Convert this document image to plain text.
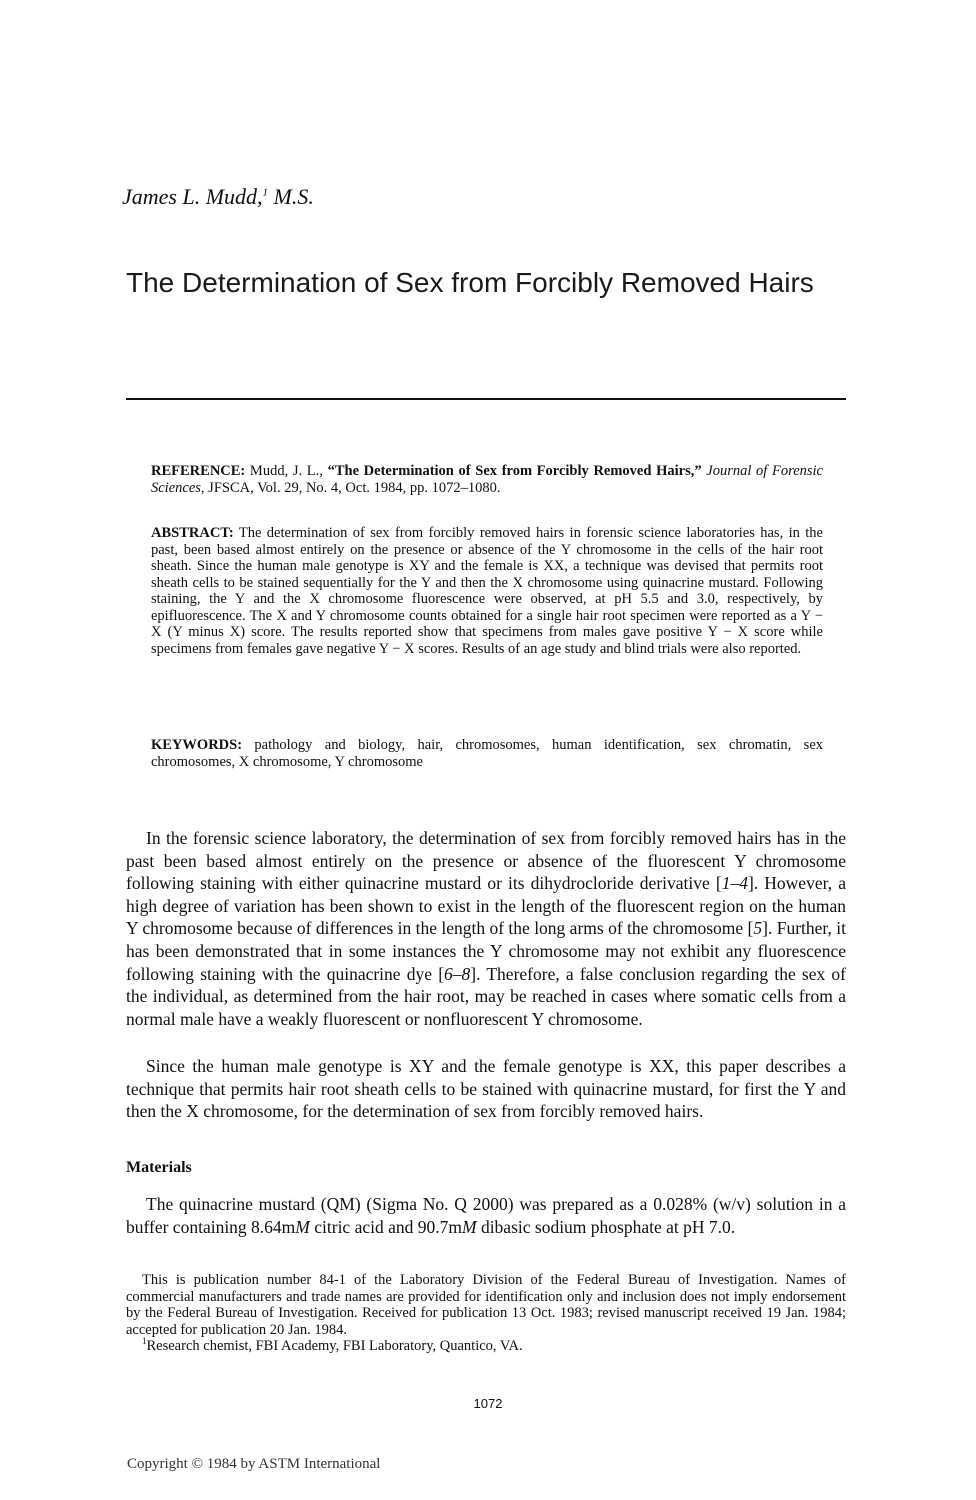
James L. Mudd,$^1$ M.S.
The Determination of Sex from Forcibly Removed Hairs
REFERENCE: Mudd, J. L., “The Determination of Sex from Forcibly Removed Hairs,” Journal of Forensic Sciences, JFSCA, Vol. 29, No. 4, Oct. 1984, pp. 1072–1080.
ABSTRACT: The determination of sex from forcibly removed hairs in forensic science laboratories has, in the past, been based almost entirely on the presence or absence of the Y chromosome in the cells of the hair root sheath. Since the human male genotype is XY and the female is XX, a technique was devised that permits root sheath cells to be stained sequentially for the Y and then the X chromosome using quinacrine mustard. Following staining, the Y and the X chromosome fluorescence were observed, at pH 5.5 and 3.0, respectively, by epifluorescence. The X and Y chromosome counts obtained for a single hair root specimen were reported as a Y − X (Y minus X) score. The results reported show that specimens from males gave positive Y − X score while specimens from females gave negative Y − X scores. Results of an age study and blind trials were also reported.
KEYWORDS: pathology and biology, hair, chromosomes, human identification, sex chromatin, sex chromosomes, X chromosome, Y chromosome

In the forensic science laboratory, the determination of sex from forcibly removed hairs has in the past been based almost entirely on the presence or absence of the fluorescent Y chromosome following staining with either quinacrine mustard or its dihydrocloride derivative [1–4]. However, a high degree of variation has been shown to exist in the length of the fluorescent region on the human Y chromosome because of differences in the length of the long arms of the chromosome [5]. Further, it has been demonstrated that in some instances the Y chromosome may not exhibit any fluorescence following staining with the quinacrine dye [6–8]. Therefore, a false conclusion regarding the sex of the individual, as determined from the hair root, may be reached in cases where somatic cells from a normal male have a weakly fluorescent or nonfluorescent Y chromosome.

Since the human male genotype is XY and the female genotype is XX, this paper describes a technique that permits hair root sheath cells to be stained with quinacrine mustard, for first the Y and then the X chromosome, for the determination of sex from forcibly removed hairs.

Materials

The quinacrine mustard (QM) (Sigma No. Q 2000) was prepared as a 0.028% (w/v) solution in a buffer containing 8.64mM citric acid and 90.7mM dibasic sodium phosphate at pH 7.0.

This is publication number 84-1 of the Laboratory Division of the Federal Bureau of Investigation. Names of commercial manufacturers and trade names are provided for identification only and inclusion does not imply endorsement by the Federal Bureau of Investigation. Received for publication 13 Oct. 1983; revised manuscript received 19 Jan. 1984; accepted for publication 20 Jan. 1984.

$^1$Research chemist, FBI Academy, FBI Laboratory, Quantico, VA.

1072
Copyright © 1984 by ASTM International
